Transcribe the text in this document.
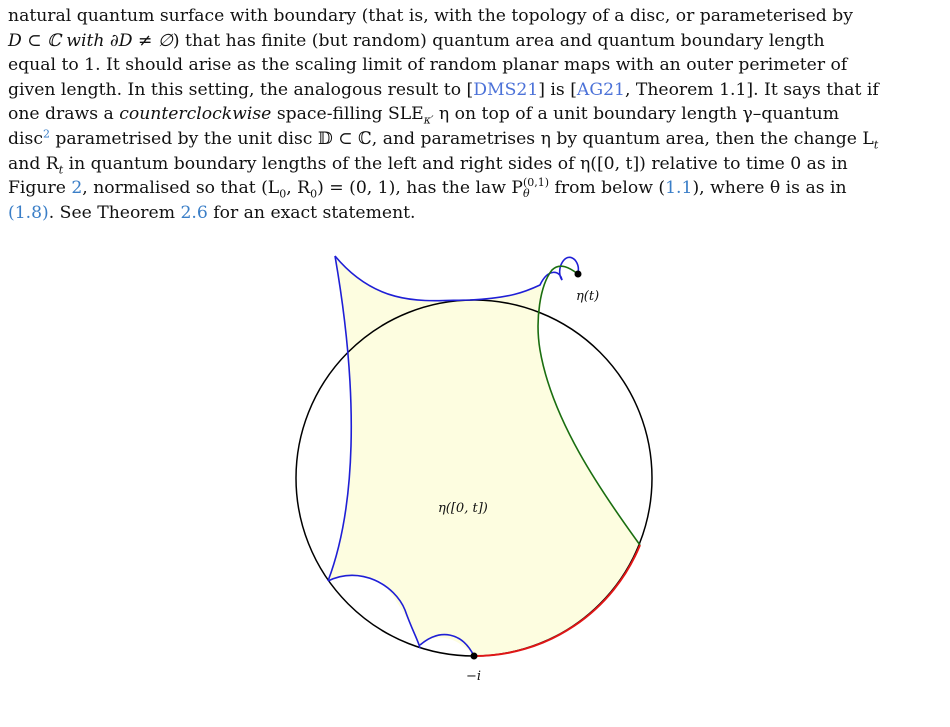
natural quantum surface with boundary (that is, with the topology of a disc, or parameterised by
D ⊂ ℂ with ∂D ≠ ∅) that has finite (but random) quantum area and quantum boundary length
equal to 1. It should arise as the scaling limit of random planar maps with an outer perimeter of
given length. In this setting, the analogous result to [DMS21] is [AG21, Theorem 1.1]. It says that if
one draws a counterclockwise space-filling $SLE_{\kappa'}$ η on top of a unit boundary length γ–quantum
disc$^2$ parametrised by the unit disc 𝔻 ⊂ ℂ, and parametrises η by quantum area, then the change $L_t$
and $R_t$ in quantum boundary lengths of the left and right sides of η([0, t]) relative to time 0 as in
Figure 2, normalised so that ($L_0$, $R_0) = (0$, 1), has the law P (0,1)
θ	from below (1.1), where θ is as in
(1.8). See Theorem 2.6 for an exact statement.
η(t)
η([0, t])
−i
